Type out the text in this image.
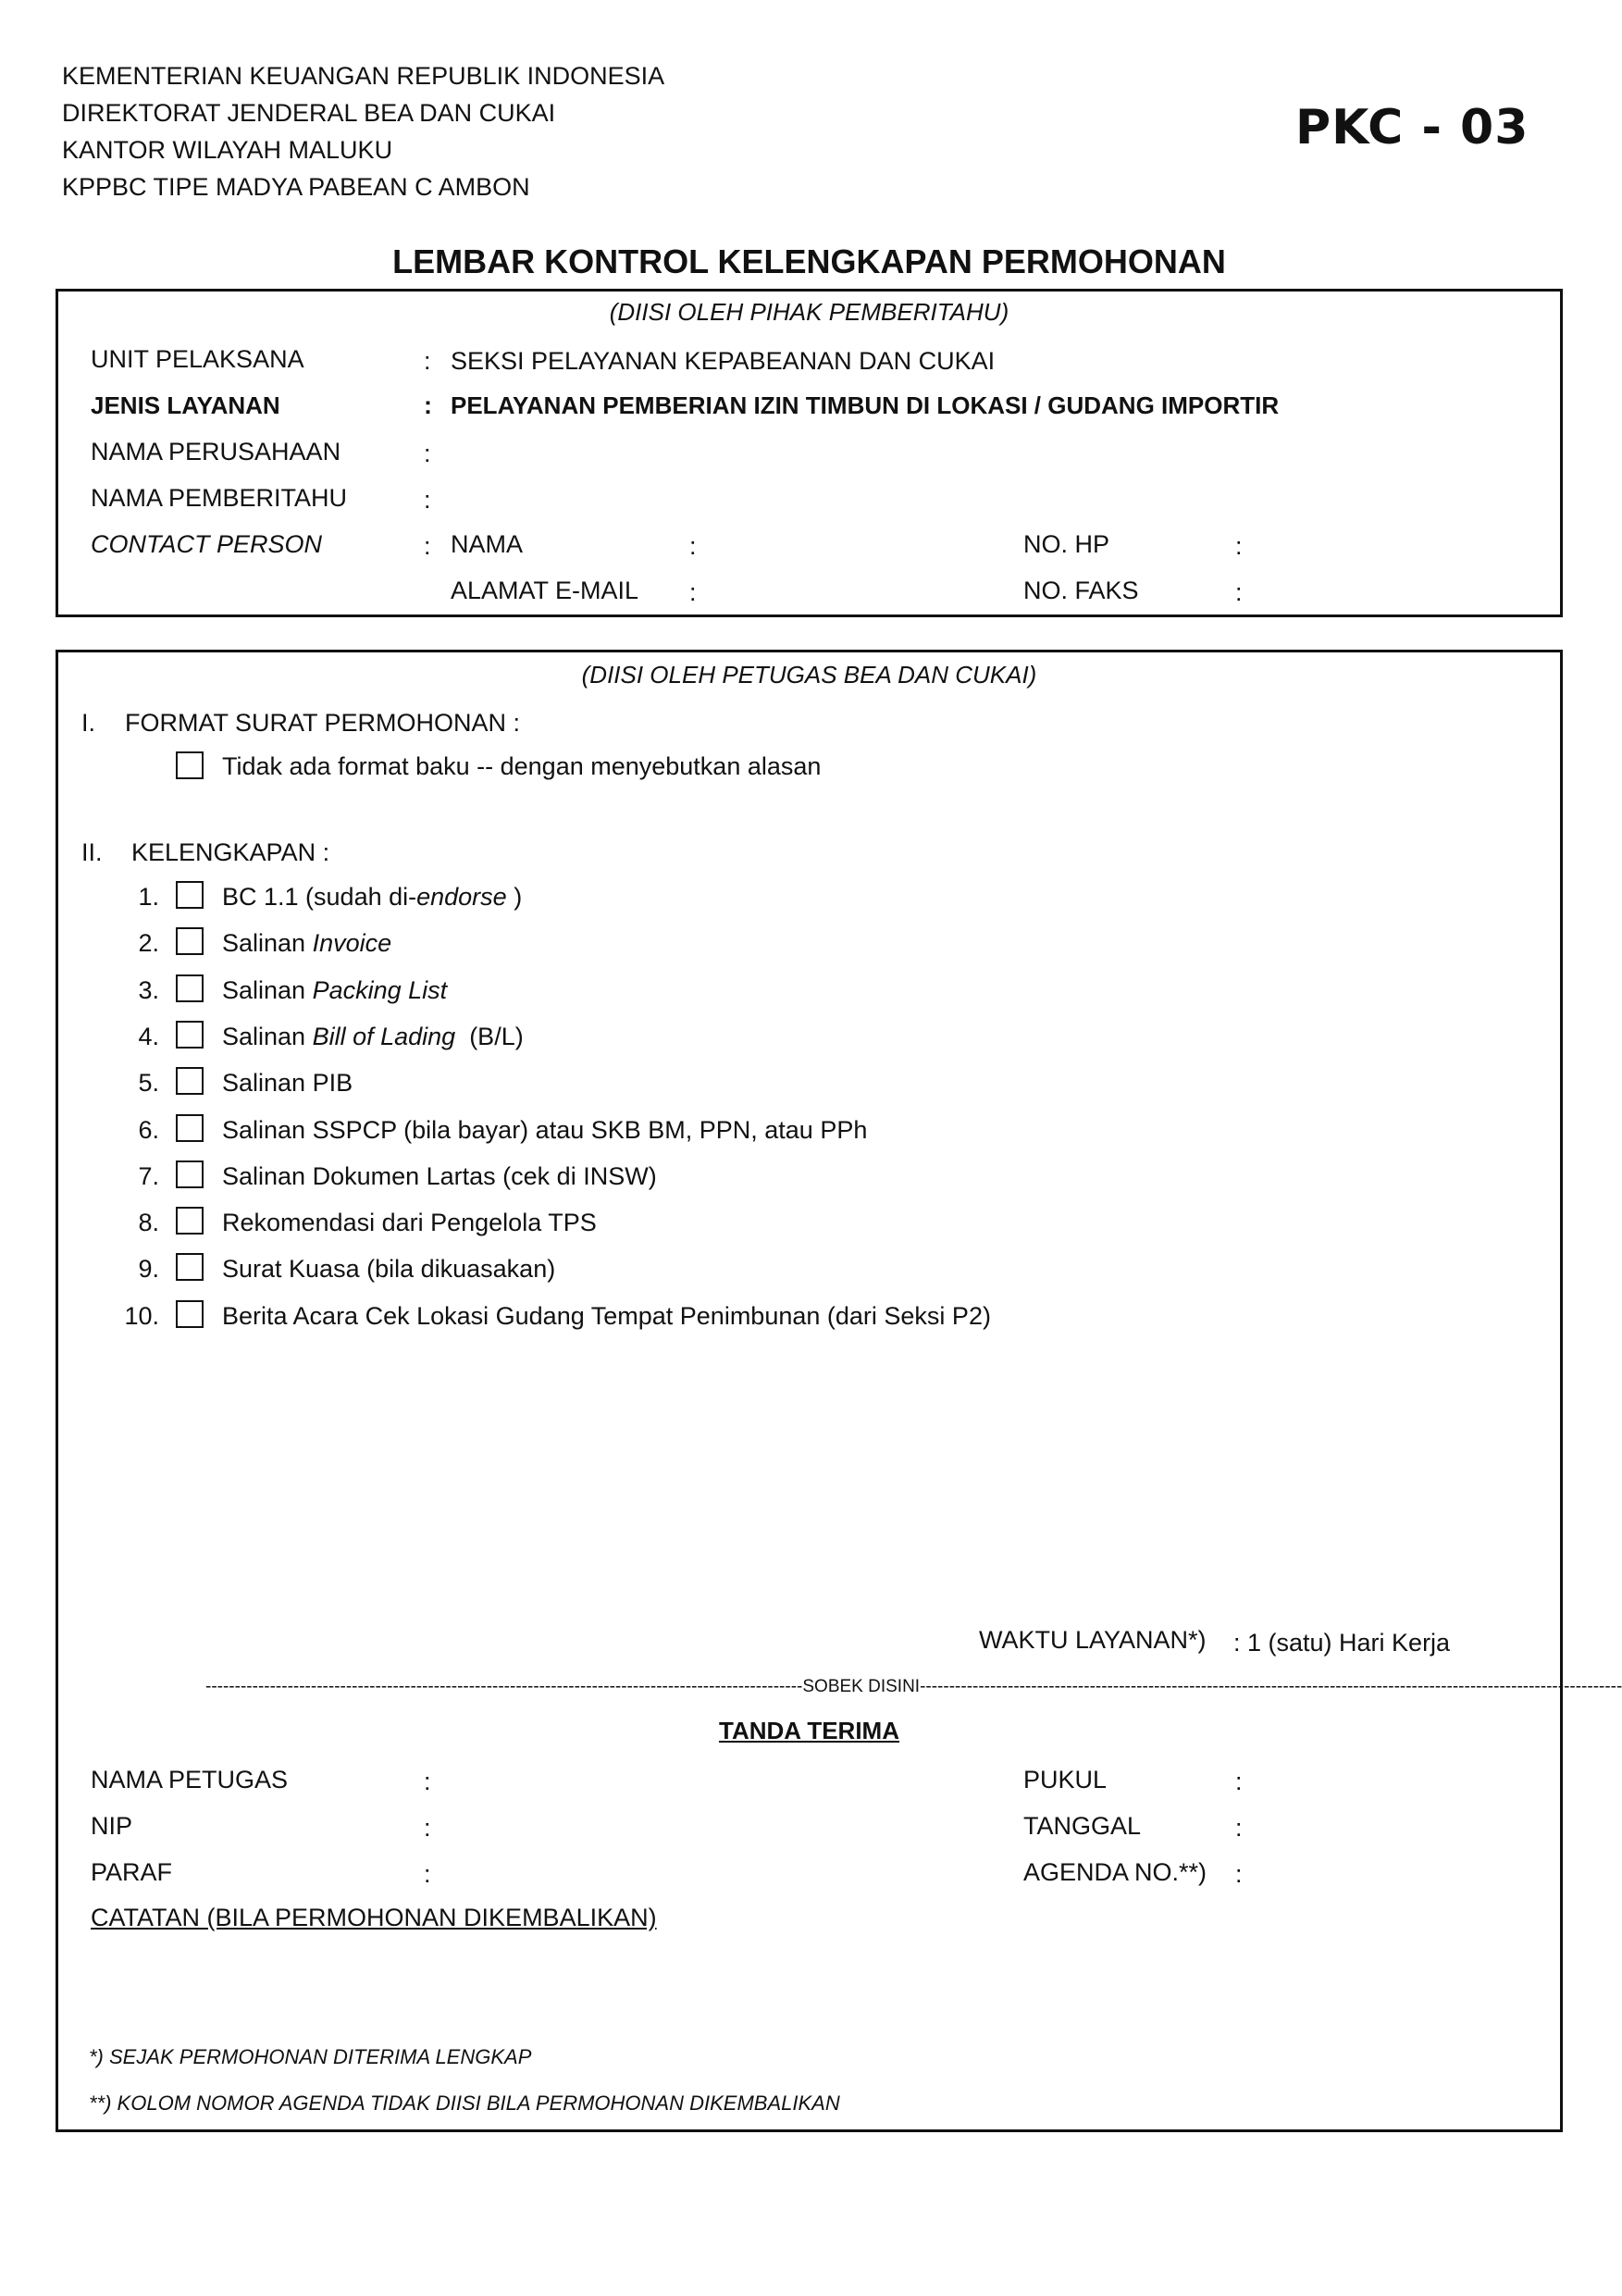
KEMENTERIAN KEUANGAN REPUBLIK INDONESIA
DIREKTORAT JENDERAL BEA DAN CUKAI
KANTOR WILAYAH MALUKU
KPPBC TIPE MADYA PABEAN C AMBON
PKC - 03
LEMBAR KONTROL KELENGKAPAN PERMOHONAN
(DIISI OLEH PIHAK PEMBERITAHU)
UNIT PELAKSANA	: SEKSI PELAYANAN KEPABEANAN DAN CUKAI
JENIS LAYANAN	: PELAYANAN PEMBERIAN IZIN TIMBUN DI LOKASI / GUDANG IMPORTIR
NAMA PERUSAHAAN	:
NAMA PEMBERITAHU	:
CONTACT PERSON	: NAMA	:	NO. HP	:
ALAMAT E-MAIL :	NO. FAKS	:
(DIISI OLEH PETUGAS BEA DAN CUKAI)
I. FORMAT SURAT PERMOHONAN :
Tidak ada format baku -- dengan menyebutkan alasan
II. KELENGKAPAN :
1.	BC 1.1 (sudah di-endorse )
2.	Salinan Invoice
3.	Salinan Packing List
4.	Salinan Bill of Lading  (B/L)
5.	Salinan PIB
6.	Salinan SSPCP (bila bayar) atau SKB BM, PPN, atau PPh
7.	Salinan Dokumen Lartas (cek di INSW)
8.	Rekomendasi dari Pengelola TPS
9.	Surat Kuasa (bila dikuasakan)
10.	Berita Acara Cek Lokasi Gudang Tempat Penimbunan (dari Seksi P2)
WAKTU LAYANAN*) : 1 (satu) Hari Kerja
------------------------------------------------------------------------------------------------------SOBEK DISINI------------------------------------------------------------------------------------------------------------------------
TANDA TERIMA
NAMA PETUGAS	:	PUKUL	:
NIP	:	TANGGAL	:
PARAF	:	AGENDA NO.**) :
CATATAN (BILA PERMOHONAN DIKEMBALIKAN)
*) SEJAK PERMOHONAN DITERIMA LENGKAP
**) KOLOM NOMOR AGENDA TIDAK DIISI BILA PERMOHONAN DIKEMBALIKAN
